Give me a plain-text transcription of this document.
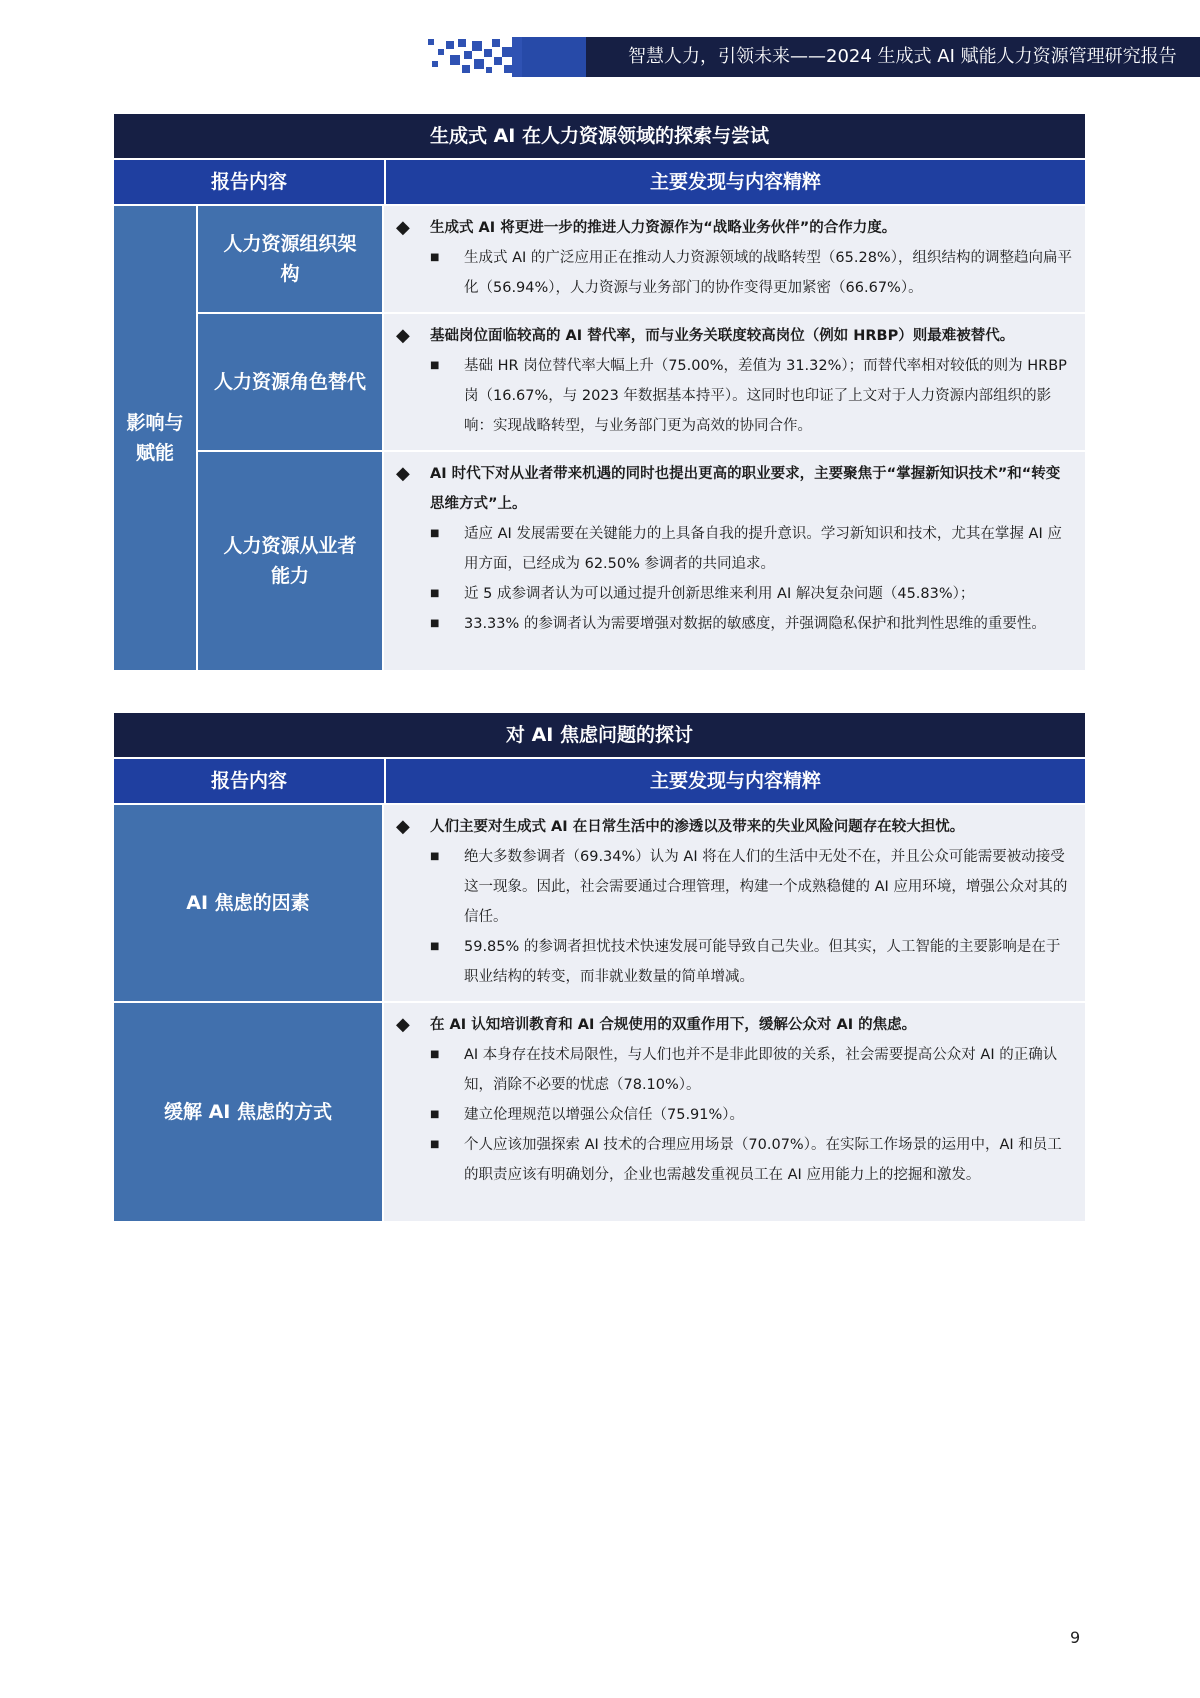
智慧人力，引领未来——2024 生成式 AI 赋能人力资源管理研究报告
生成式 AI 在人力资源领域的探索与尝试
报告内容	主要发现与内容精粹
影响与赋能
人力资源组织架构
◆	生成式 AI 将更进一步的推进人力资源作为“战略业务伙伴”的合作力度。
■	生成式 AI 的广泛应用正在推动人力资源领域的战略转型（65.28%），组织结构的调整趋向扁平化（56.94%），人力资源与业务部门的协作变得更加紧密（66.67%）。
人力资源角色替代
◆	基础岗位面临较高的 AI 替代率，而与业务关联度较高岗位（例如 HRBP）则最难被替代。
■	基础 HR 岗位替代率大幅上升（75.00%，差值为 31.32%）；而替代率相对较低的则为 HRBP 岗（16.67%，与 2023 年数据基本持平）。这同时也印证了上文对于人力资源内部组织的影响：实现战略转型，与业务部门更为高效的协同合作。
人力资源从业者能力
◆	AI 时代下对从业者带来机遇的同时也提出更高的职业要求，主要聚焦于“掌握新知识技术”和“转变思维方式”上。
■	适应 AI 发展需要在关键能力的上具备自我的提升意识。学习新知识和技术，尤其在掌握 AI 应用方面，已经成为 62.50% 参调者的共同追求。
■	近 5 成参调者认为可以通过提升创新思维来利用 AI 解决复杂问题（45.83%）；
■	33.33% 的参调者认为需要增强对数据的敏感度，并强调隐私保护和批判性思维的重要性。
对 AI 焦虑问题的探讨
报告内容	主要发现与内容精粹
AI 焦虑的因素
◆	人们主要对生成式 AI 在日常生活中的渗透以及带来的失业风险问题存在较大担忧。
■	绝大多数参调者（69.34%）认为 AI 将在人们的生活中无处不在，并且公众可能需要被动接受这一现象。因此，社会需要通过合理管理，构建一个成熟稳健的 AI 应用环境，增强公众对其的信任。
■	59.85% 的参调者担忧技术快速发展可能导致自己失业。但其实，人工智能的主要影响是在于职业结构的转变，而非就业数量的简单增减。
缓解 AI 焦虑的方式
◆	在 AI 认知培训教育和 AI 合规使用的双重作用下，缓解公众对 AI 的焦虑。
■	AI 本身存在技术局限性，与人们也并不是非此即彼的关系，社会需要提高公众对 AI 的正确认知，消除不必要的忧虑（78.10%）。
■	建立伦理规范以增强公众信任（75.91%）。
■	个人应该加强探索 AI 技术的合理应用场景（70.07%）。在实际工作场景的运用中，AI 和员工的职责应该有明确划分，企业也需越发重视员工在 AI 应用能力上的挖掘和激发。
9
